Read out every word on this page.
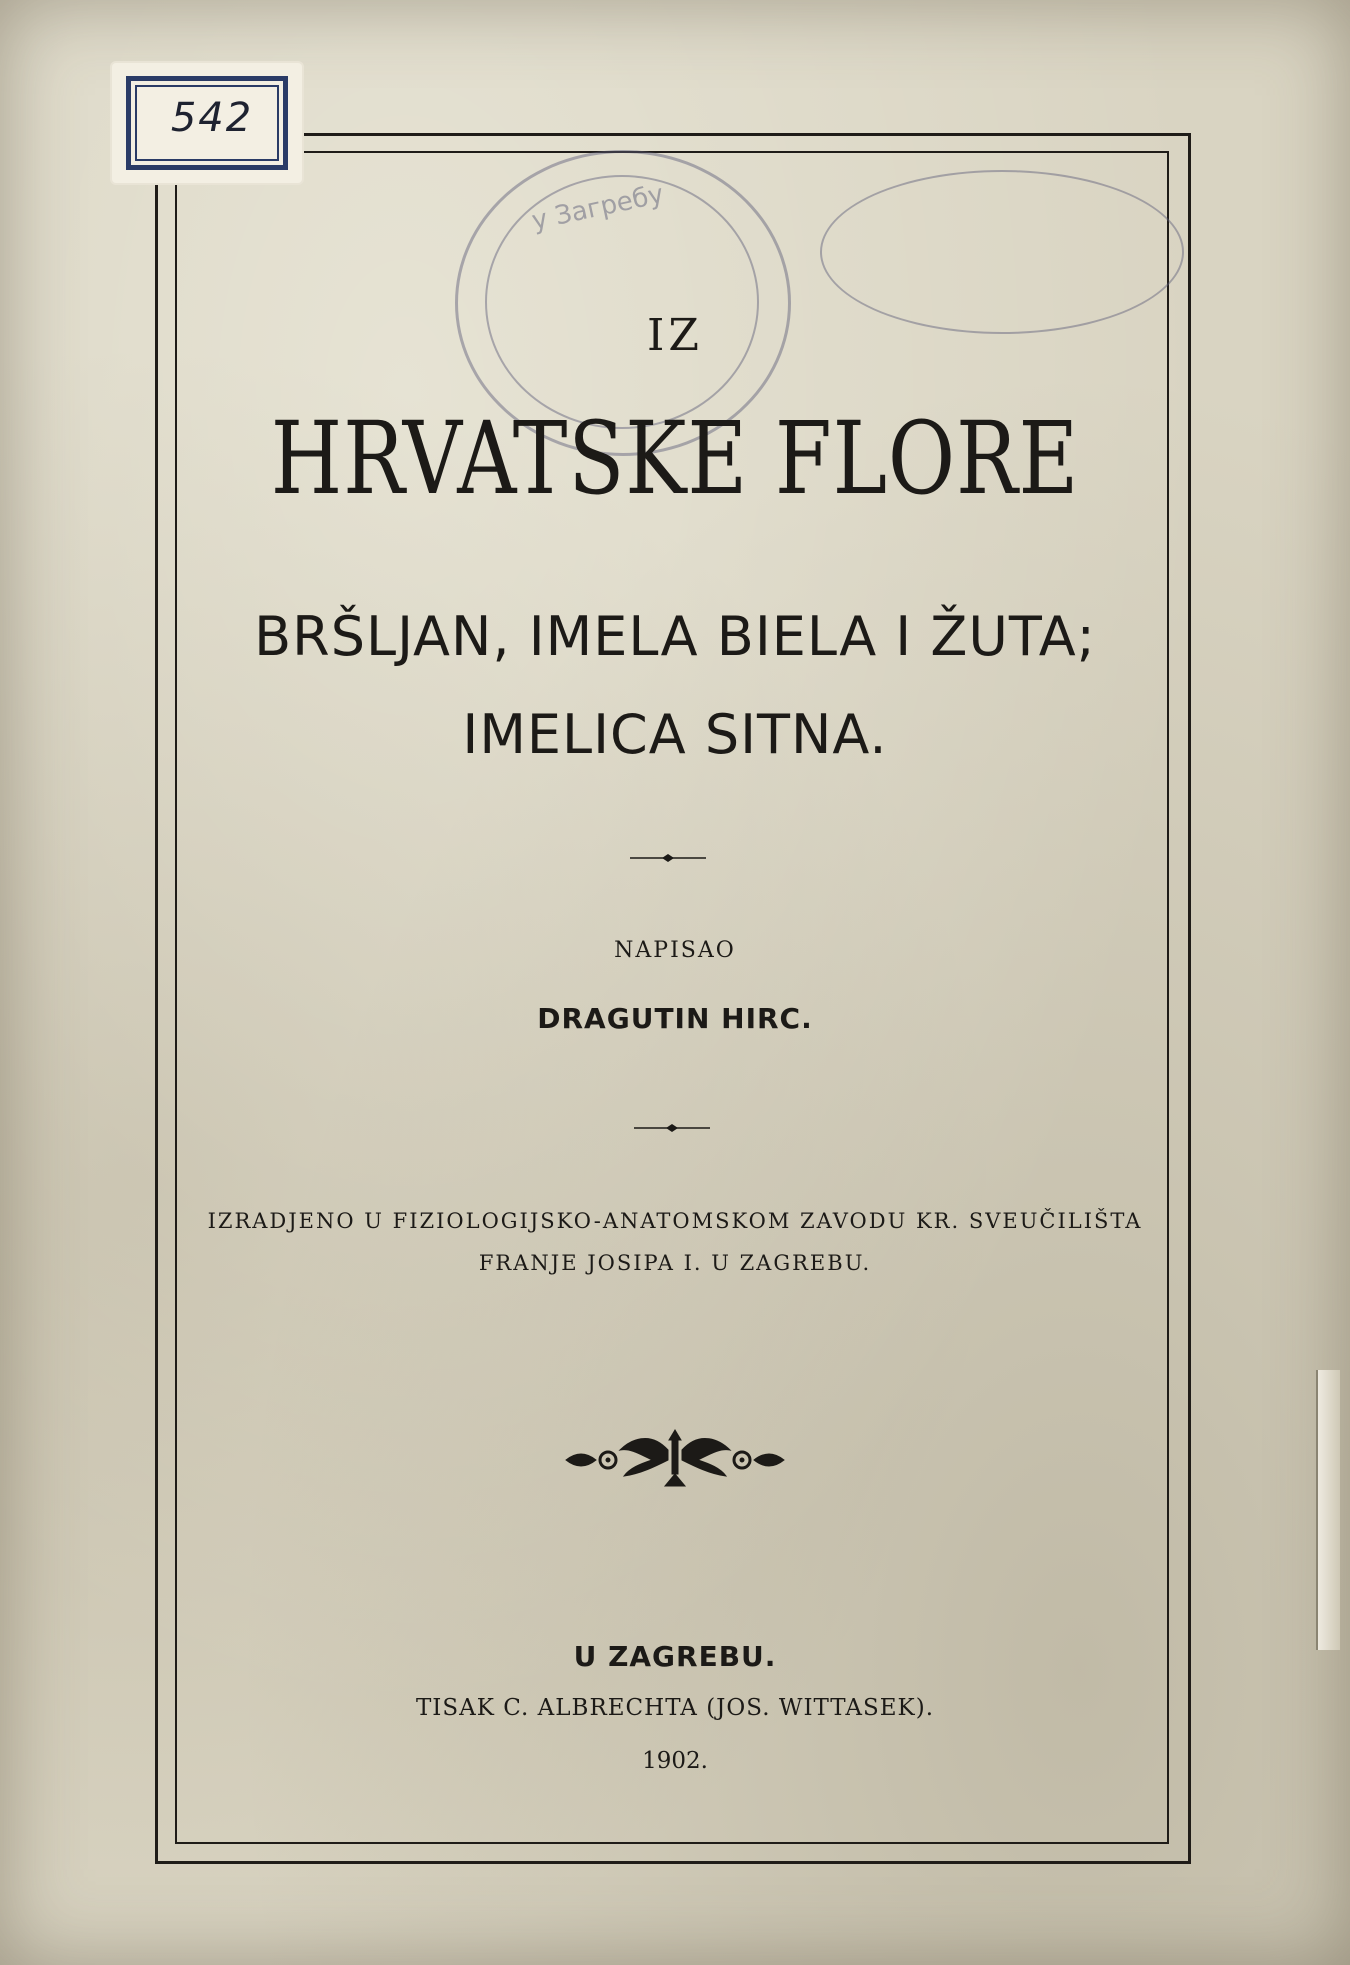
542
у Загребу
IZ
HRVATSKE FLORE
BRŠLJAN, IMELA BIELA I ŽUTA;
IMELICA SITNA.
NAPISAO
DRAGUTIN HIRC.
IZRADJENO U FIZIOLOGIJSKO-ANATOMSKOM ZAVODU KR. SVEUČILIŠTA
FRANJE JOSIPA I. U ZAGREBU.
U ZAGREBU.
TISAK C. ALBRECHTA (JOS. WITTASEK).
1902.
